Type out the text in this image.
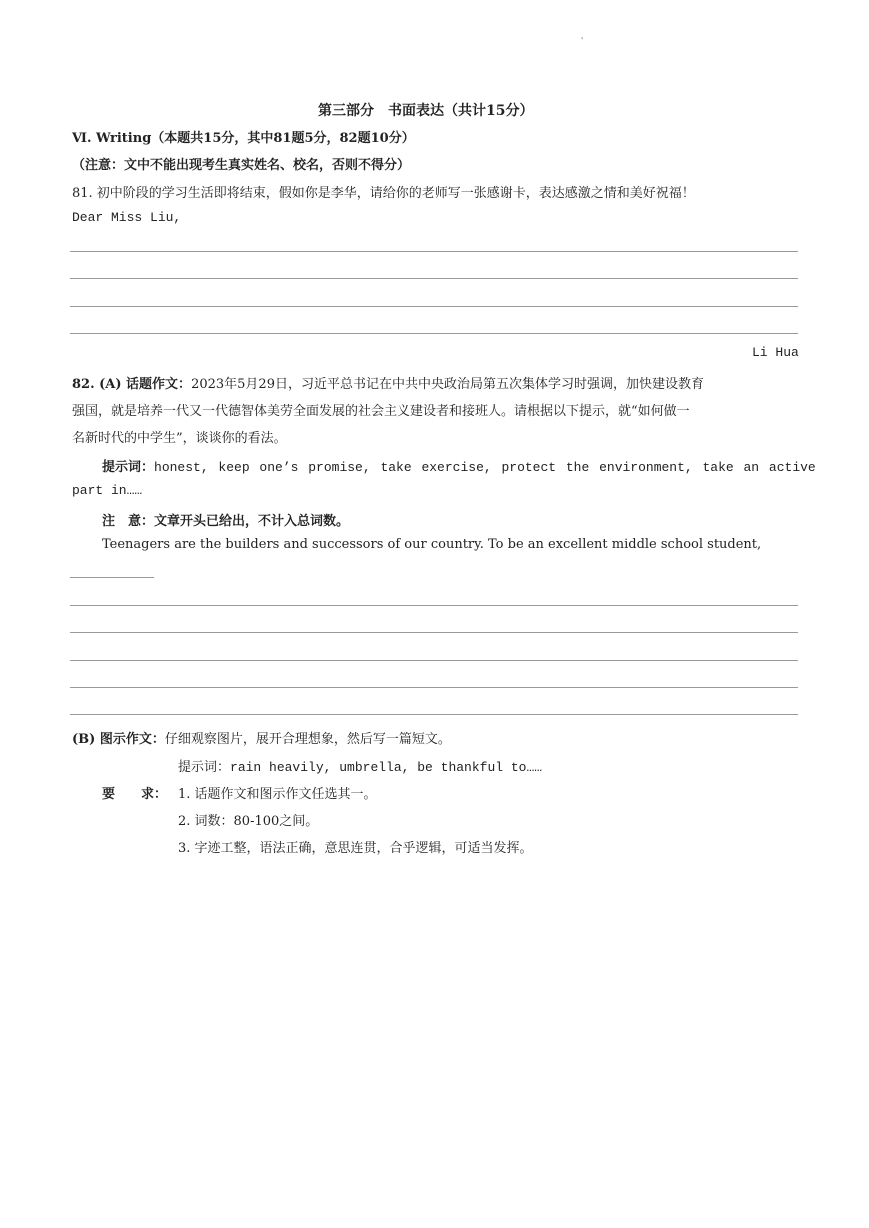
'
第三部分　书面表达（共计15分）
Ⅵ. Writing（本题共15分，其中81题5分，82题10分）
（注意：文中不能出现考生真实姓名、校名，否则不得分）
81. 初中阶段的学习生活即将结束，假如你是李华，请给你的老师写一张感谢卡，表达感激之情和美好祝福！
Dear Miss Liu,
Li Hua
82. (A) 话题作文：2023年5月29日，习近平总书记在中共中央政治局第五次集体学习时强调，加快建设教育
强国，就是培养一代又一代德智体美劳全面发展的社会主义建设者和接班人。请根据以下提示，就“如何做一
名新时代的中学生”，谈谈你的看法。
提示词：honest, keep one’s promise, take exercise, protect the environment, take an active
part in……
注　意：文章开头已给出，不计入总词数。
Teenagers are the builders and successors of our country. To be an excellent middle school student,
(B) 图示作文：仔细观察图片，展开合理想象，然后写一篇短文。
提示词：rain heavily, umbrella, be thankful to……
要　　求： 1. 话题作文和图示作文任选其一。
2. 词数：80-100之间。
3. 字迹工整，语法正确，意思连贯，合乎逻辑，可适当发挥。
